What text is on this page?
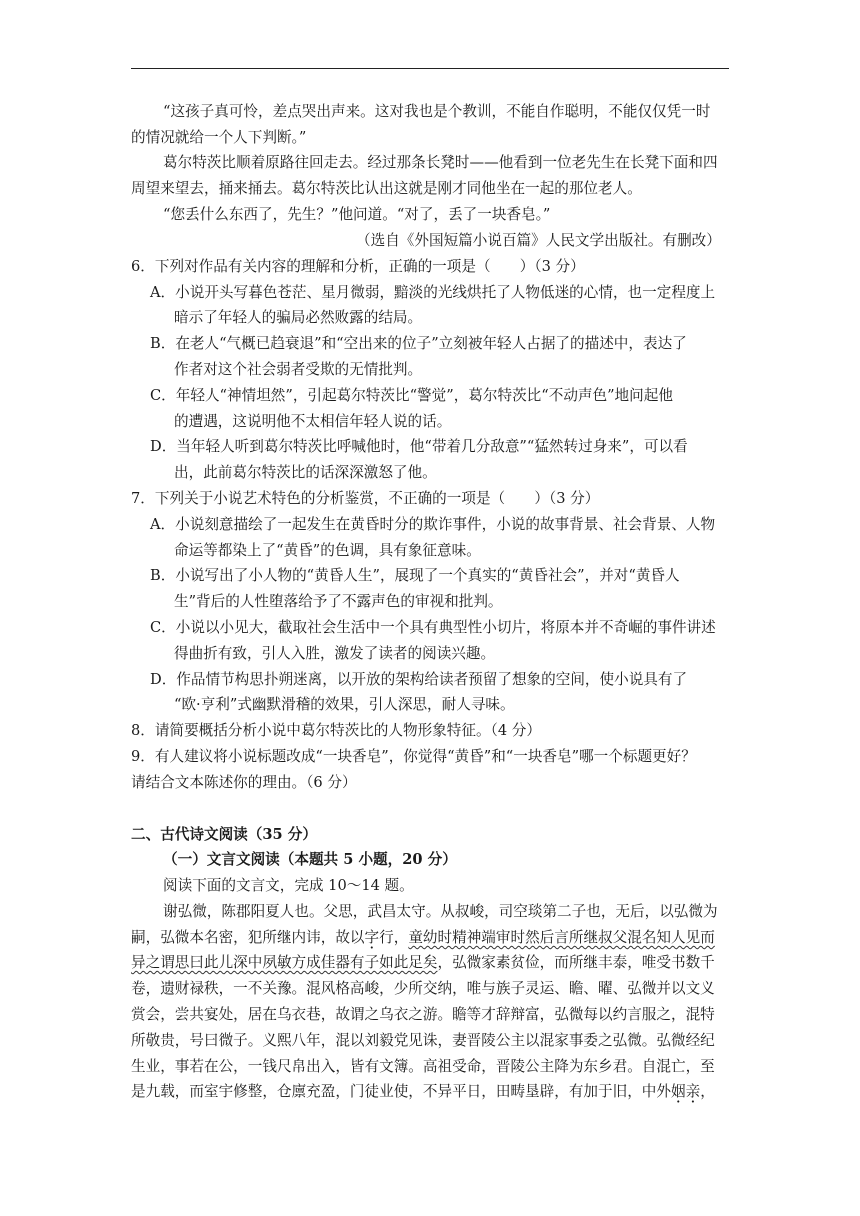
“这孩子真可怜，差点哭出声来。这对我也是个教训，不能自作聪明，不能仅仅凭一时
的情况就给一个人下判断。”
葛尔特茨比顺着原路往回走去。经过那条长凳时——他看到一位老先生在长凳下面和四
周望来望去，捅来捅去。葛尔特茨比认出这就是刚才同他坐在一起的那位老人。
“您丢什么东西了，先生？”他问道。“对了，丢了一块香皂。”
（选自《外国短篇小说百篇》人民文学出版社。有删改）
6．下列对作品有关内容的理解和分析，正确的一项是（　　）（3 分）
A．小说开头写暮色苍茫、星月微弱，黯淡的光线烘托了人物低迷的心情，也一定程度上
暗示了年轻人的骗局必然败露的结局。
B．在老人“气概已趋衰退”和“空出来的位子”立刻被年轻人占据了的描述中，表达了
作者对这个社会弱者受欺的无情批判。
C．年轻人“神情坦然”，引起葛尔特茨比“警觉”，葛尔特茨比“不动声色”地问起他
的遭遇，这说明他不太相信年轻人说的话。
D．当年轻人听到葛尔特茨比呼喊他时，他“带着几分敌意”“猛然转过身来”，可以看
出，此前葛尔特茨比的话深深激怒了他。
7．下列关于小说艺术特色的分析鉴赏，不正确的一项是（　　）（3 分）
A．小说刻意描绘了一起发生在黄昏时分的欺诈事件，小说的故事背景、社会背景、人物
命运等都染上了“黄昏”的色调，具有象征意味。
B．小说写出了小人物的“黄昏人生”，展现了一个真实的“黄昏社会”，并对“黄昏人
生”背后的人性堕落给予了不露声色的审视和批判。
C．小说以小见大，截取社会生活中一个具有典型性小切片，将原本并不奇崛的事件讲述
得曲折有致，引人入胜，激发了读者的阅读兴趣。
D．作品情节构思扑朔迷离，以开放的架构给读者预留了想象的空间，使小说具有了
“欧·亨利”式幽默滑稽的效果，引人深思，耐人寻味。
8．请简要概括分析小说中葛尔特茨比的人物形象特征。（4 分）
9．有人建议将小说标题改成“一块香皂”，你觉得“黄昏”和“一块香皂”哪一个标题更好？
请结合文本陈述你的理由。（6 分）
二、古代诗文阅读（35 分）
（一）文言文阅读（本题共 5 小题，20 分）
阅读下面的文言文，完成 10～14 题。
谢弘微，陈郡阳夏人也。父思，武昌太守。从叔峻，司空琰第二子也，无后，以弘微为
嗣，弘微本名密，犯所继内讳，故以字行，童幼时精神端审时然后言所继叔父混名知人见而
异之谓思曰此儿深中夙敏方成佳器有子如此足矣，弘微家素贫俭，而所继丰泰，唯受书数千
卷，遗财禄秩，一不关豫。混风格高峻，少所交纳，唯与族子灵运、瞻、曜、弘微并以文义
赏会，尝共宴处，居在乌衣巷，故谓之乌衣之游。瞻等才辞辩富，弘微每以约言服之，混特
所敬贵，号曰微子。义熙八年，混以刘毅党见诛，妻晋陵公主以混家事委之弘微。弘微经纪
生业，事若在公，一钱尺帛出入，皆有文簿。高祖受命，晋陵公主降为东乡君。自混亡，至
是九载，而室宇修整，仓廪充盈，门徒业使，不异平日，田畴垦辟，有加于旧，中外姻亲，
